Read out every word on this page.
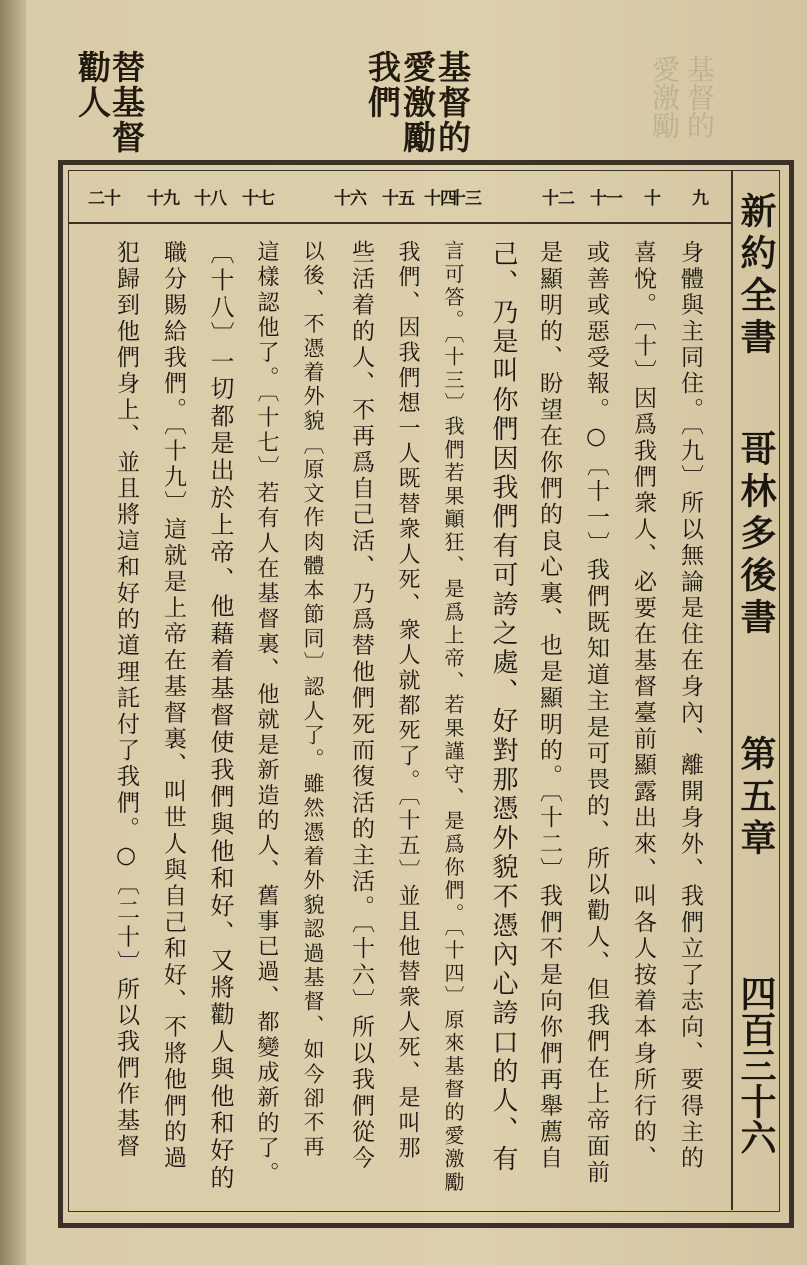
基督的
愛激勵
基督的
愛激勵
我們
替基督
勸人
新約全書
哥林多後書
第五章
四百三十六
九
十
十一
十二
十三
十四
十五
十六
十七
十八
十九
二十
身體與主同住。〔九〕所以無論是住在身內、離開身外、我們立了志向、要得主的
喜悅。〔十〕因爲我們衆人、必要在基督臺前顯露出來、叫各人按着本身所行的、
或善或惡受報。○〔十一〕我們既知道主是可畏的、所以勸人、但我們在上帝面前
是顯明的、盼望在你們的良心裏、也是顯明的。〔十二〕我們不是向你們再舉薦自
己、乃是叫你們因我們有可誇之處、好對那憑外貌不憑內心誇口的人、有
言可答。〔十三〕我們若果顚狂、是爲上帝、若果謹守、是爲你們。〔十四〕原來基督的愛激勵
我們、因我們想一人既替衆人死、衆人就都死了。〔十五〕並且他替衆人死、是叫那
些活着的人、不再爲自己活、乃爲替他們死而復活的主活。〔十六〕所以我們從今
以後、不憑着外貌〔原文作肉體本節同〕認人了。雖然憑着外貌認過基督、如今卻不再
這樣認他了。〔十七〕若有人在基督裏、他就是新造的人、舊事已過、都變成新的了。
〔十八〕一切都是出於上帝、他藉着基督使我們與他和好、又將勸人與他和好的
職分賜給我們。〔十九〕這就是上帝在基督裏、叫世人與自己和好、不將他們的過
犯歸到他們身上、並且將這和好的道理託付了我們。○〔二十〕所以我們作基督
